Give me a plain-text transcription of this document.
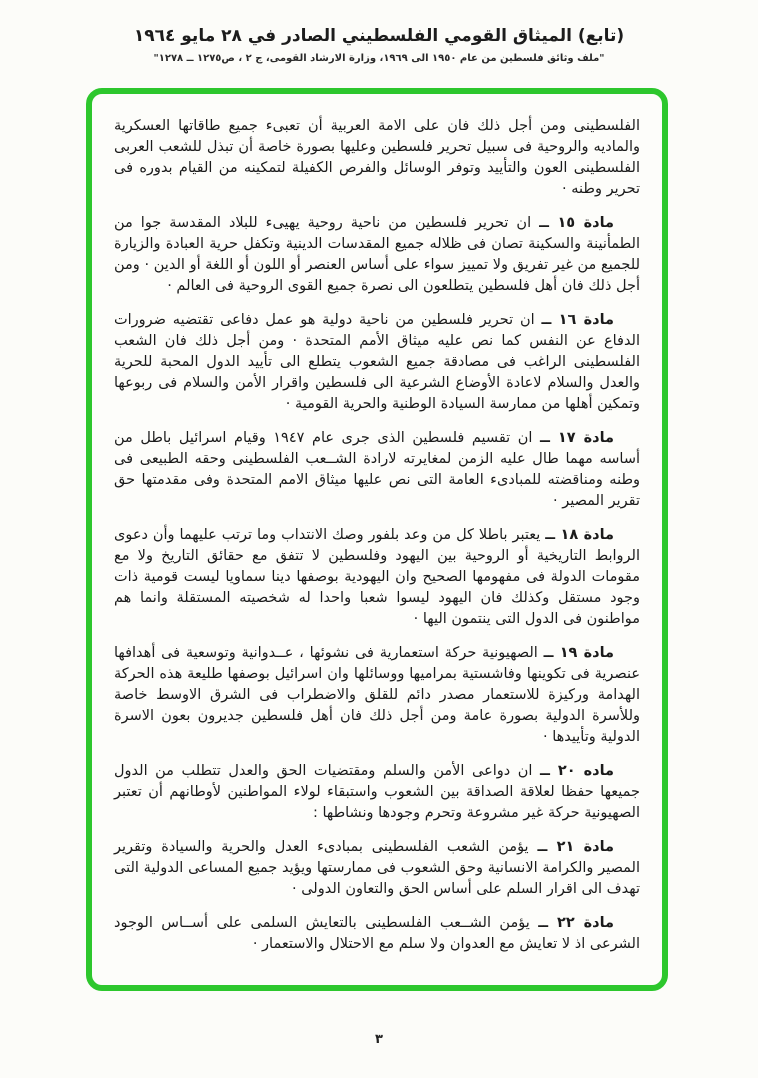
(تابع) الميثاق القومي الفلسطيني الصادر في ٢٨ مايو ١٩٦٤
"ملف وثائق فلسطين من عام ١٩٥٠ الى ١٩٦٩، وزارة الارشاد القومى، ج ٢ ، ص١٢٧٥ ــ ١٢٧٨"

الفلسطينى ومن أجل ذلك فان على الامة العربية أن تعبىء جميع طاقاتها العسكرية والماديه والروحية فى سبيل تحرير فلسطين وعليها بصورة خاصة أن تبذل للشعب العربى الفلسطينى العون والتأييد وتوفر الوسائل والفرص الكفيلة لتمكينه من القيام بدوره فى تحرير وطنه ·

مادة ١٥ ــ ان تحرير فلسطين من ناحية روحية يهيىء للبلاد المقدسة جوا من الطمأنينة والسكينة تصان فى ظلاله جميع المقدسات الدينية وتكفل حرية العبادة والزيارة للجميع من غير تفريق ولا تمييز سواء على أساس العنصر أو اللون أو اللغة أو الدين · ومن أجل ذلك فان أهل فلسطين يتطلعون الى نصرة جميع القوى الروحية فى العالم ·

مادة ١٦ ــ ان تحرير فلسطين من ناحية دولية هو عمل دفاعى تقتضيه ضرورات الدفاع عن النفس كما نص عليه ميثاق الأمم المتحدة · ومن أجل ذلك فان الشعب الفلسطينى الراغب فى مصادقة جميع الشعوب يتطلع الى تأييد الدول المحبة للحرية والعدل والسلام لاعادة الأوضاع الشرعية الى فلسطين واقرار الأمن والسلام فى ربوعها وتمكين أهلها من ممارسة السيادة الوطنية والحرية القومية ·

مادة ١٧ ــ ان تقسيم فلسطين الذى جرى عام ١٩٤٧ وقيام اسرائيل باطل من أساسه مهما طال عليه الزمن لمغايرته لارادة الشــعب الفلسطينى وحقه الطبيعى فى وطنه ومناقضته للمبادىء العامة التى نص عليها ميثاق الامم المتحدة وفى مقدمتها حق تقرير المصير ·

مادة ١٨ ــ يعتبر باطلا كل من وعد بلفور وصك الانتداب وما ترتب عليهما وأن دعوى الروابط التاريخية أو الروحية بين اليهود وفلسطين لا تتفق مع حقائق التاريخ ولا مع مقومات الدولة فى مفهومها الصحيح وان اليهودية بوصفها دينا سماويا ليست قومية ذات وجود مستقل وكذلك فان اليهود ليسوا شعبا واحدا له شخصيته المستقلة وانما هم مواطنون فى الدول التى ينتمون اليها ·

مادة ١٩ ــ الصهيونية حركة استعمارية فى نشوئها ، عــدوانية وتوسعية فى أهدافها عنصرية فى تكوينها وفاشستية بمراميها ووسائلها وان اسرائيل بوصفها طليعة هذه الحركة الهدامة وركيزة للاستعمار مصدر دائم للقلق والاضطراب فى الشرق الاوسط خاصة وللأسرة الدولية بصورة عامة ومن أجل ذلك فان أهل فلسطين جديرون بعون الاسرة الدولية وتأييدها ·

ماده ٢٠ ــ ان دواعى الأمن والسلم ومقتضيات الحق والعدل تتطلب من الدول جميعها حفظا لعلاقة الصداقة بين الشعوب واستبقاء لولاء المواطنين لأوطانهم أن تعتبر الصهيونية حركة غير مشروعة وتحرم وجودها ونشاطها :

مادة ٢١ ــ يؤمن الشعب الفلسطينى بمبادىء العدل والحرية والسيادة وتقرير المصير والكرامة الانسانية وحق الشعوب فى ممارستها ويؤيد جميع المساعى الدولية التى تهدف الى اقرار السلم على أساس الحق والتعاون الدولى ·

مادة ٢٢ ــ يؤمن الشــعب الفلسطينى بالتعايش السلمى على أســاس الوجود الشرعى اذ لا تعايش مع العدوان ولا سلم مع الاحتلال والاستعمار ·

٣
